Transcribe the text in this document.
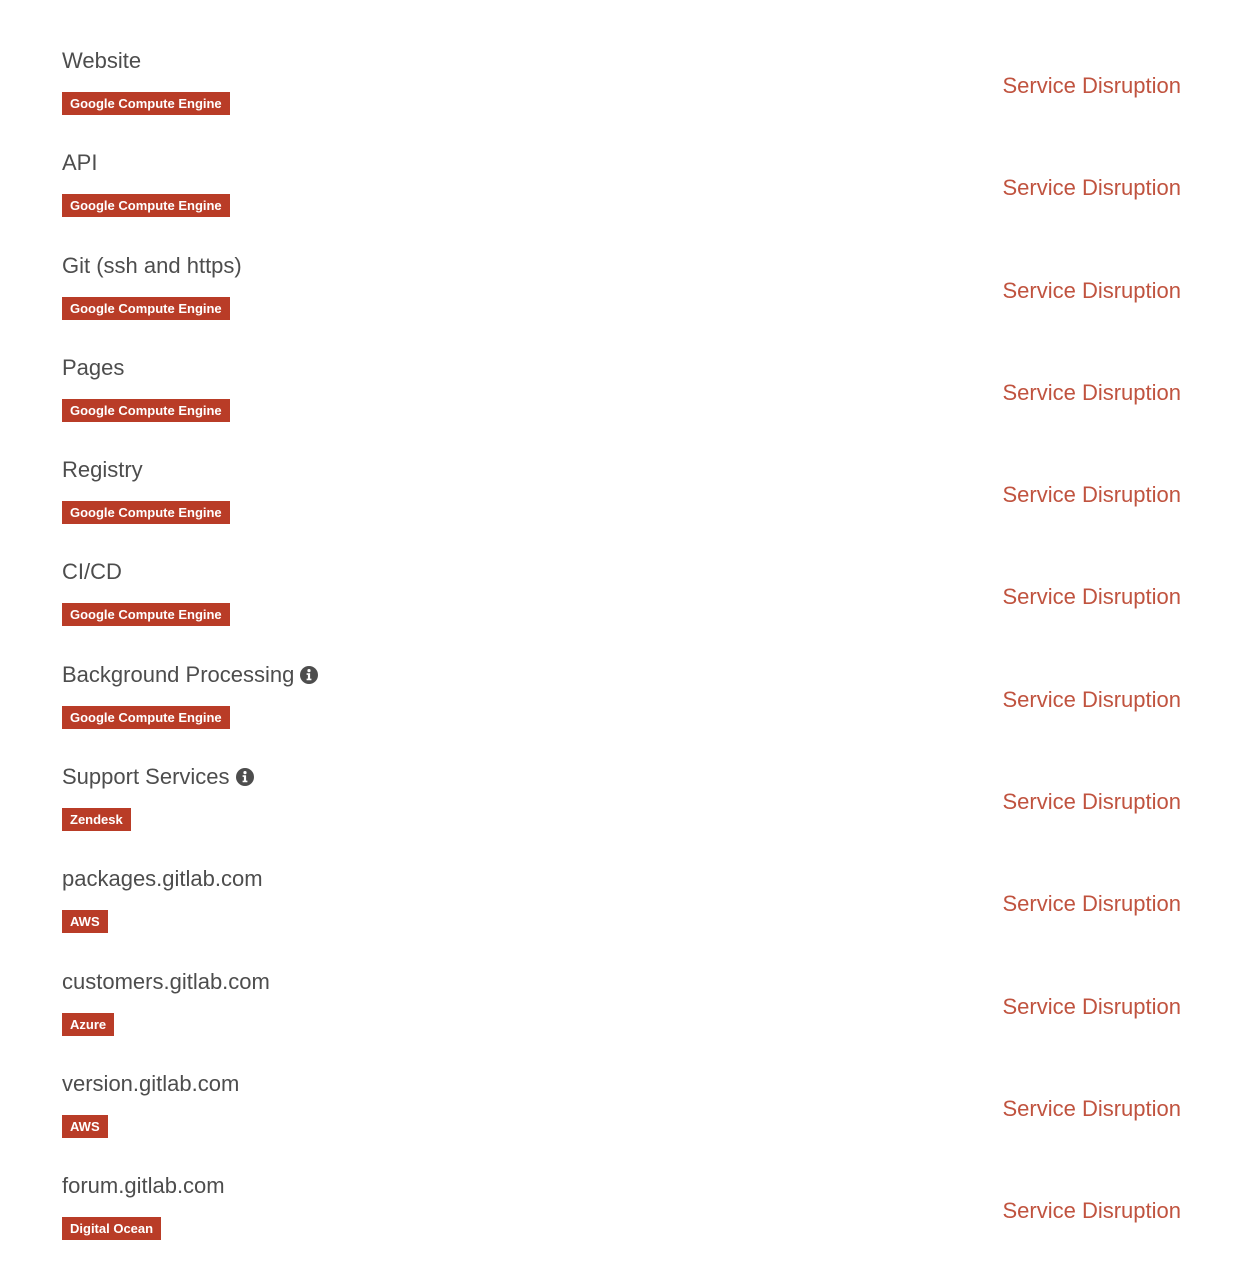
Website
Google Compute Engine
Service Disruption
API
Google Compute Engine
Service Disruption
Git (ssh and https)
Google Compute Engine
Service Disruption
Pages
Google Compute Engine
Service Disruption
Registry
Google Compute Engine
Service Disruption
CI/CD
Google Compute Engine
Service Disruption
Background Processing
Google Compute Engine
Service Disruption
Support Services
Zendesk
Service Disruption
packages.gitlab.com
AWS
Service Disruption
customers.gitlab.com
Azure
Service Disruption
version.gitlab.com
AWS
Service Disruption
forum.gitlab.com
Digital Ocean
Service Disruption
